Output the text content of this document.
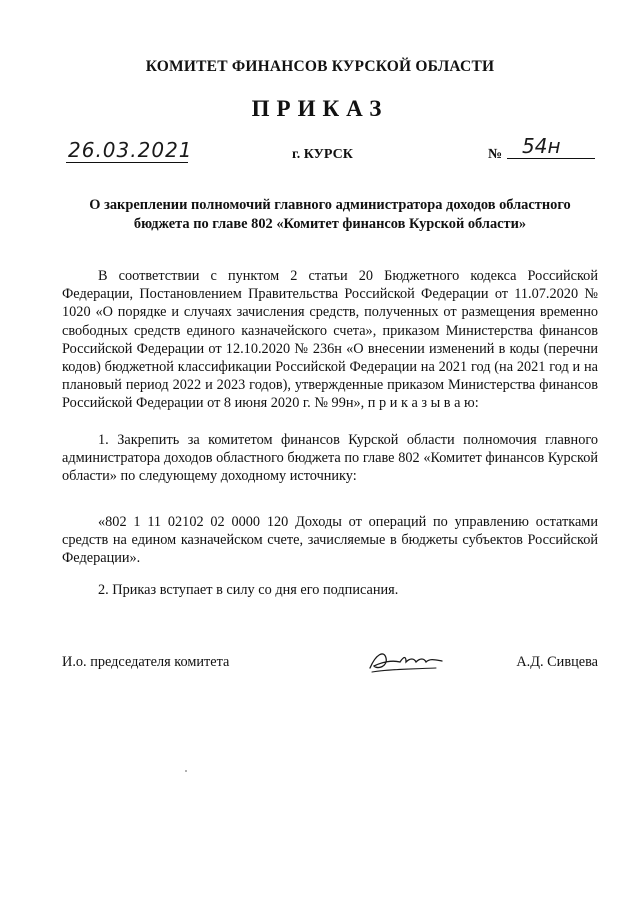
КОМИТЕТ ФИНАНСОВ КУРСКОЙ ОБЛАСТИ
ПРИКАЗ
26.03.2021	г. КУРСК	№ 54н
О закреплении полномочий главного администратора доходов областного бюджета по главе 802 «Комитет финансов Курской области»
В соответствии с пунктом 2 статьи 20 Бюджетного кодекса Российской Федерации, Постановлением Правительства Российской Федерации от 11.07.2020 № 1020 «О порядке и случаях зачисления средств, полученных от размещения временно свободных средств единого казначейского счета», приказом Министерства финансов Российской Федерации от 12.10.2020 № 236н «О внесении изменений в коды (перечни кодов) бюджетной классификации Российской Федерации на 2021 год (на 2021 год и на плановый период 2022 и 2023 годов), утвержденные приказом Министерства финансов Российской Федерации от 8 июня 2020 г. № 99н», п р и к а з ы в а ю:
1. Закрепить за комитетом финансов Курской области полномочия главного администратора доходов областного бюджета по главе 802 «Комитет финансов Курской области» по следующему доходному источнику:
«802 1 11 02102 02 0000 120 Доходы от операций по управлению остатками средств на едином казначейском счете, зачисляемые в бюджеты субъектов Российской Федерации».
2. Приказ вступает в силу со дня его подписания.
И.о. председателя комитета	А.Д. Сивцева
